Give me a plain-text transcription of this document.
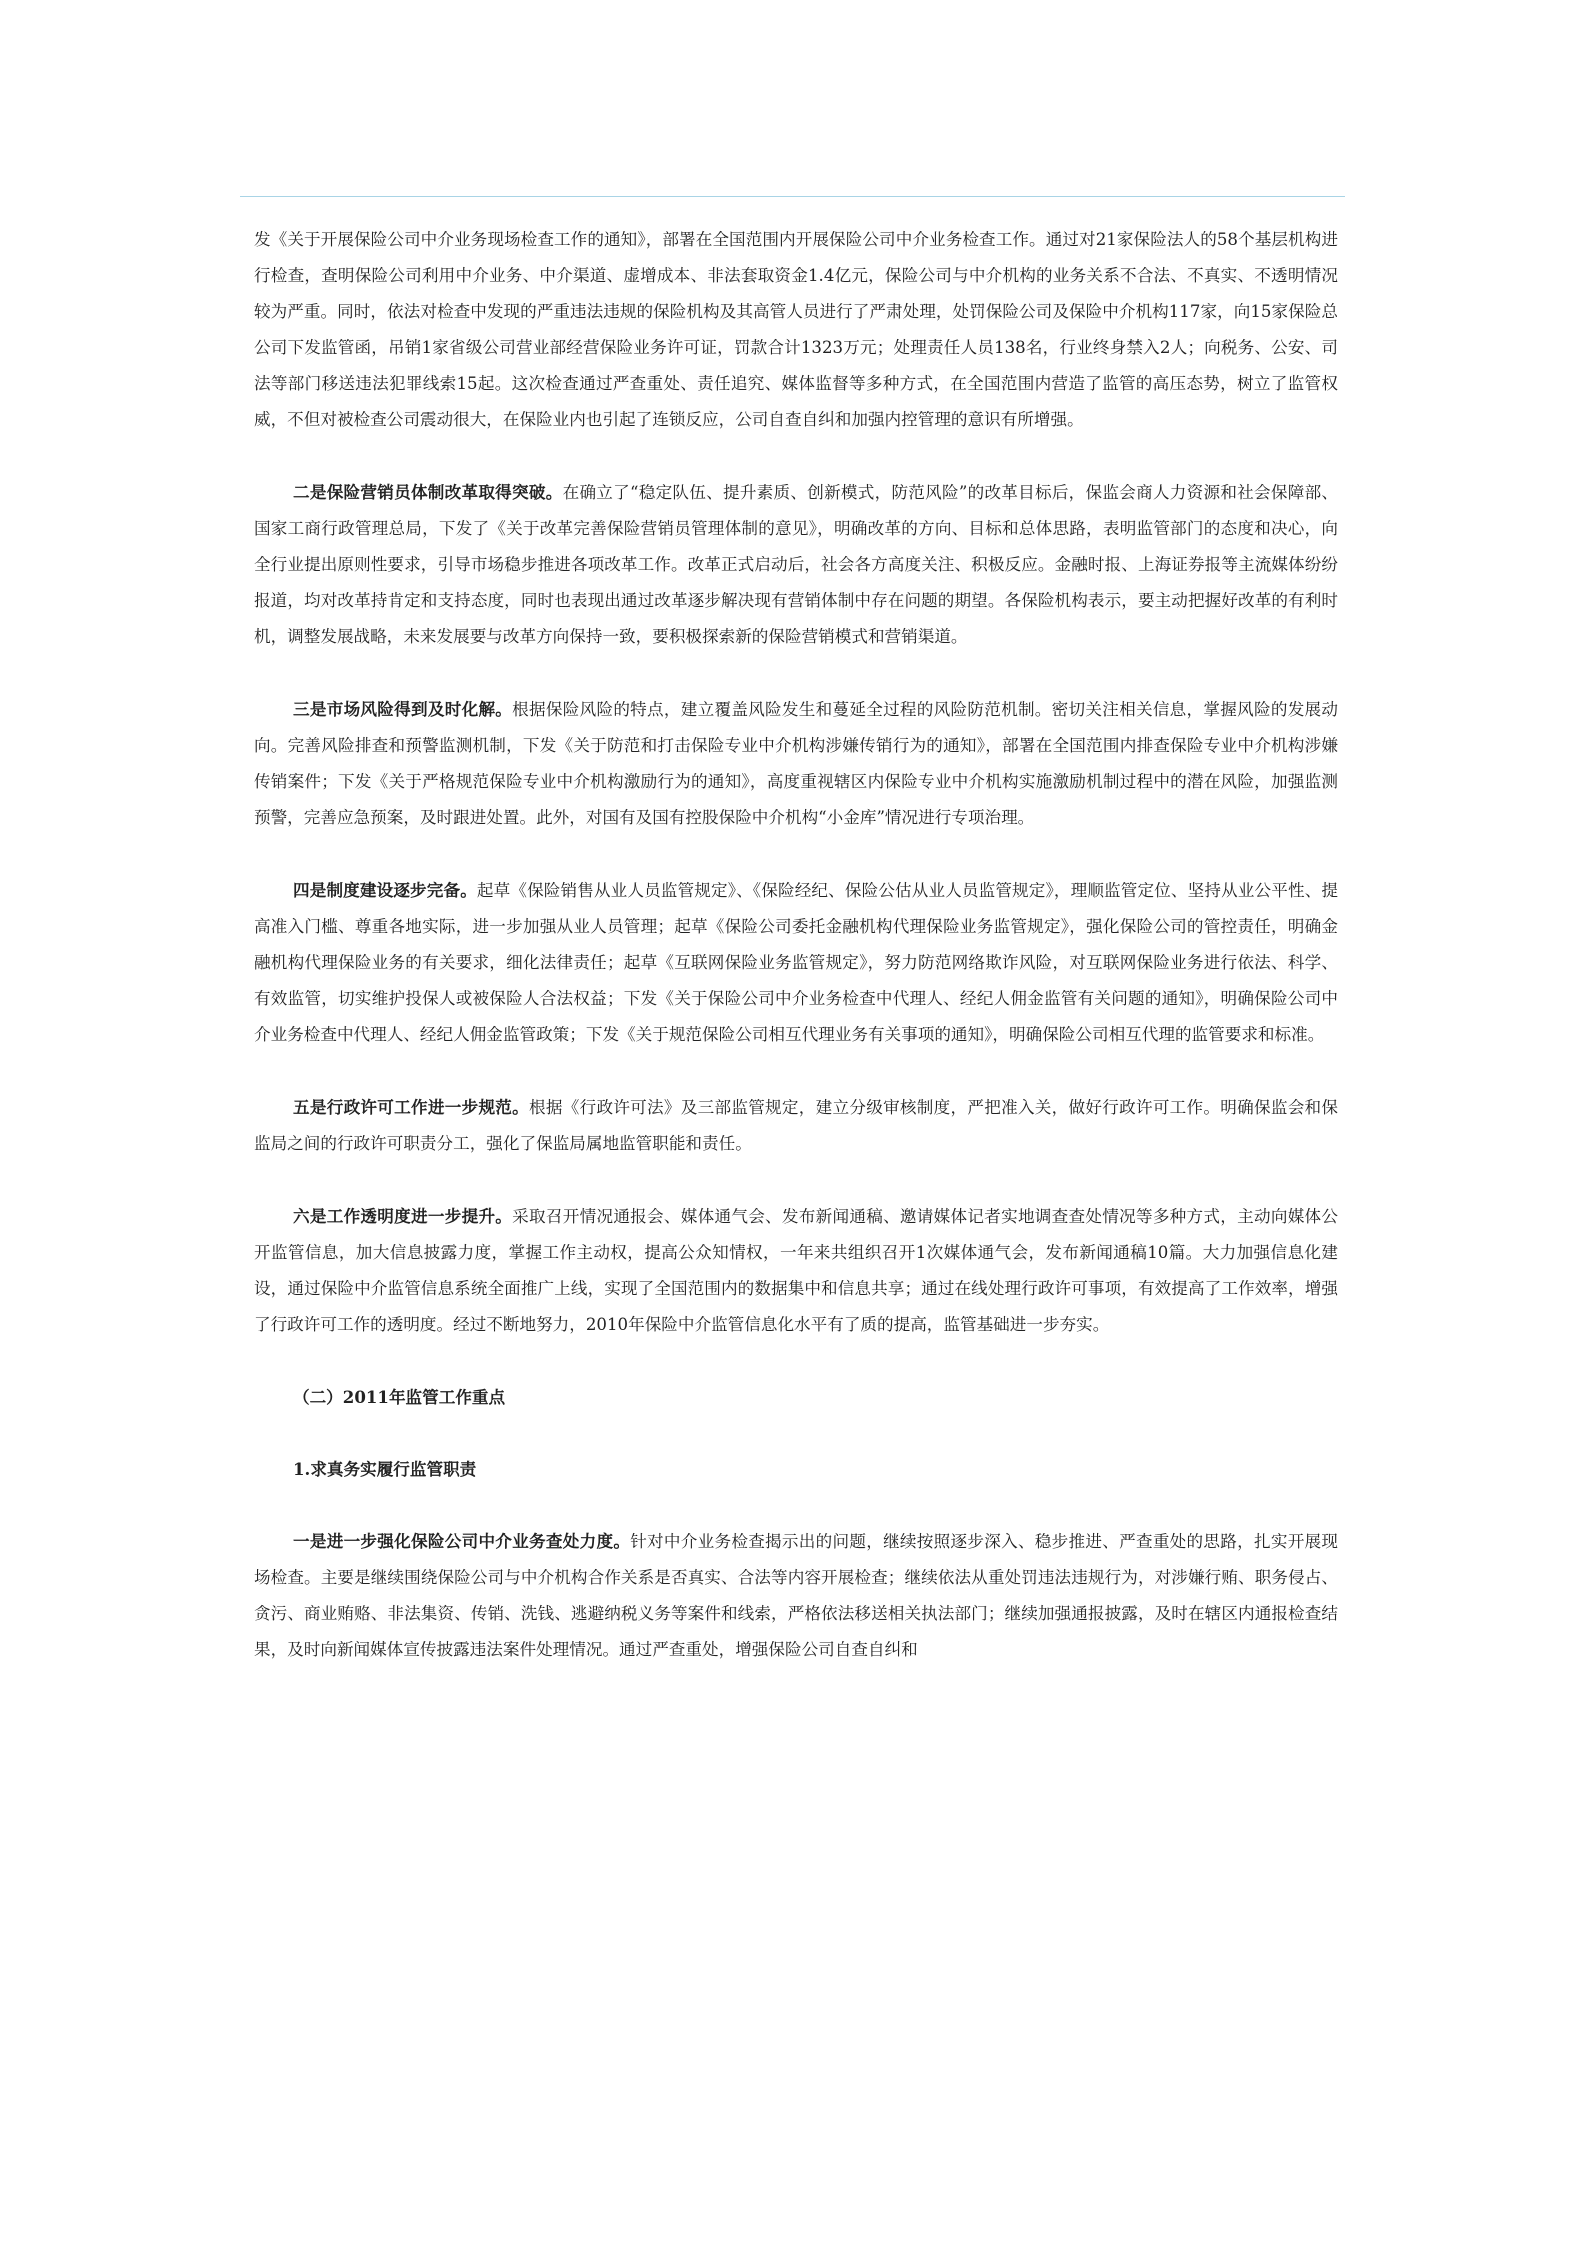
发《关于开展保险公司中介业务现场检查工作的通知》，部署在全国范围内开展保险公司中介业务检查工作。通过对21家保险法人的58个基层机构进行检查，查明保险公司利用中介业务、中介渠道、虚增成本、非法套取资金1.4亿元，保险公司与中介机构的业务关系不合法、不真实、不透明情况较为严重。同时，依法对检查中发现的严重违法违规的保险机构及其高管人员进行了严肃处理，处罚保险公司及保险中介机构117家，向15家保险总公司下发监管函，吊销1家省级公司营业部经营保险业务许可证，罚款合计1323万元；处理责任人员138名，行业终身禁入2人；向税务、公安、司法等部门移送违法犯罪线索15起。这次检查通过严查重处、责任追究、媒体监督等多种方式，在全国范围内营造了监管的高压态势，树立了监管权威，不但对被检查公司震动很大，在保险业内也引起了连锁反应，公司自查自纠和加强内控管理的意识有所增强。

二是保险营销员体制改革取得突破。在确立了“稳定队伍、提升素质、创新模式，防范风险”的改革目标后，保监会商人力资源和社会保障部、国家工商行政管理总局，下发了《关于改革完善保险营销员管理体制的意见》，明确改革的方向、目标和总体思路，表明监管部门的态度和决心，向全行业提出原则性要求，引导市场稳步推进各项改革工作。改革正式启动后，社会各方高度关注、积极反应。金融时报、上海证券报等主流媒体纷纷报道，均对改革持肯定和支持态度，同时也表现出通过改革逐步解决现有营销体制中存在问题的期望。各保险机构表示，要主动把握好改革的有利时机，调整发展战略，未来发展要与改革方向保持一致，要积极探索新的保险营销模式和营销渠道。

三是市场风险得到及时化解。根据保险风险的特点，建立覆盖风险发生和蔓延全过程的风险防范机制。密切关注相关信息，掌握风险的发展动向。完善风险排查和预警监测机制，下发《关于防范和打击保险专业中介机构涉嫌传销行为的通知》，部署在全国范围内排查保险专业中介机构涉嫌传销案件；下发《关于严格规范保险专业中介机构激励行为的通知》，高度重视辖区内保险专业中介机构实施激励机制过程中的潜在风险，加强监测预警，完善应急预案，及时跟进处置。此外，对国有及国有控股保险中介机构“小金库”情况进行专项治理。

四是制度建设逐步完备。起草《保险销售从业人员监管规定》、《保险经纪、保险公估从业人员监管规定》，理顺监管定位、坚持从业公平性、提高准入门槛、尊重各地实际，进一步加强从业人员管理；起草《保险公司委托金融机构代理保险业务监管规定》，强化保险公司的管控责任，明确金融机构代理保险业务的有关要求，细化法律责任；起草《互联网保险业务监管规定》，努力防范网络欺诈风险，对互联网保险业务进行依法、科学、有效监管，切实维护投保人或被保险人合法权益；下发《关于保险公司中介业务检查中代理人、经纪人佣金监管有关问题的通知》，明确保险公司中介业务检查中代理人、经纪人佣金监管政策；下发《关于规范保险公司相互代理业务有关事项的通知》，明确保险公司相互代理的监管要求和标准。

五是行政许可工作进一步规范。根据《行政许可法》及三部监管规定，建立分级审核制度，严把准入关，做好行政许可工作。明确保监会和保监局之间的行政许可职责分工，强化了保监局属地监管职能和责任。

六是工作透明度进一步提升。采取召开情况通报会、媒体通气会、发布新闻通稿、邀请媒体记者实地调查查处情况等多种方式，主动向媒体公开监管信息，加大信息披露力度，掌握工作主动权，提高公众知情权，一年来共组织召开1次媒体通气会，发布新闻通稿10篇。大力加强信息化建设，通过保险中介监管信息系统全面推广上线，实现了全国范围内的数据集中和信息共享；通过在线处理行政许可事项，有效提高了工作效率，增强了行政许可工作的透明度。经过不断地努力，2010年保险中介监管信息化水平有了质的提高，监管基础进一步夯实。

（二）2011年监管工作重点
1.求真务实履行监管职责

一是进一步强化保险公司中介业务查处力度。针对中介业务检查揭示出的问题，继续按照逐步深入、稳步推进、严查重处的思路，扎实开展现场检查。主要是继续围绕保险公司与中介机构合作关系是否真实、合法等内容开展检查；继续依法从重处罚违法违规行为，对涉嫌行贿、职务侵占、贪污、商业贿赂、非法集资、传销、洗钱、逃避纳税义务等案件和线索，严格依法移送相关执法部门；继续加强通报披露，及时在辖区内通报检查结果，及时向新闻媒体宣传披露违法案件处理情况。通过严查重处，增强保险公司自查自纠和
